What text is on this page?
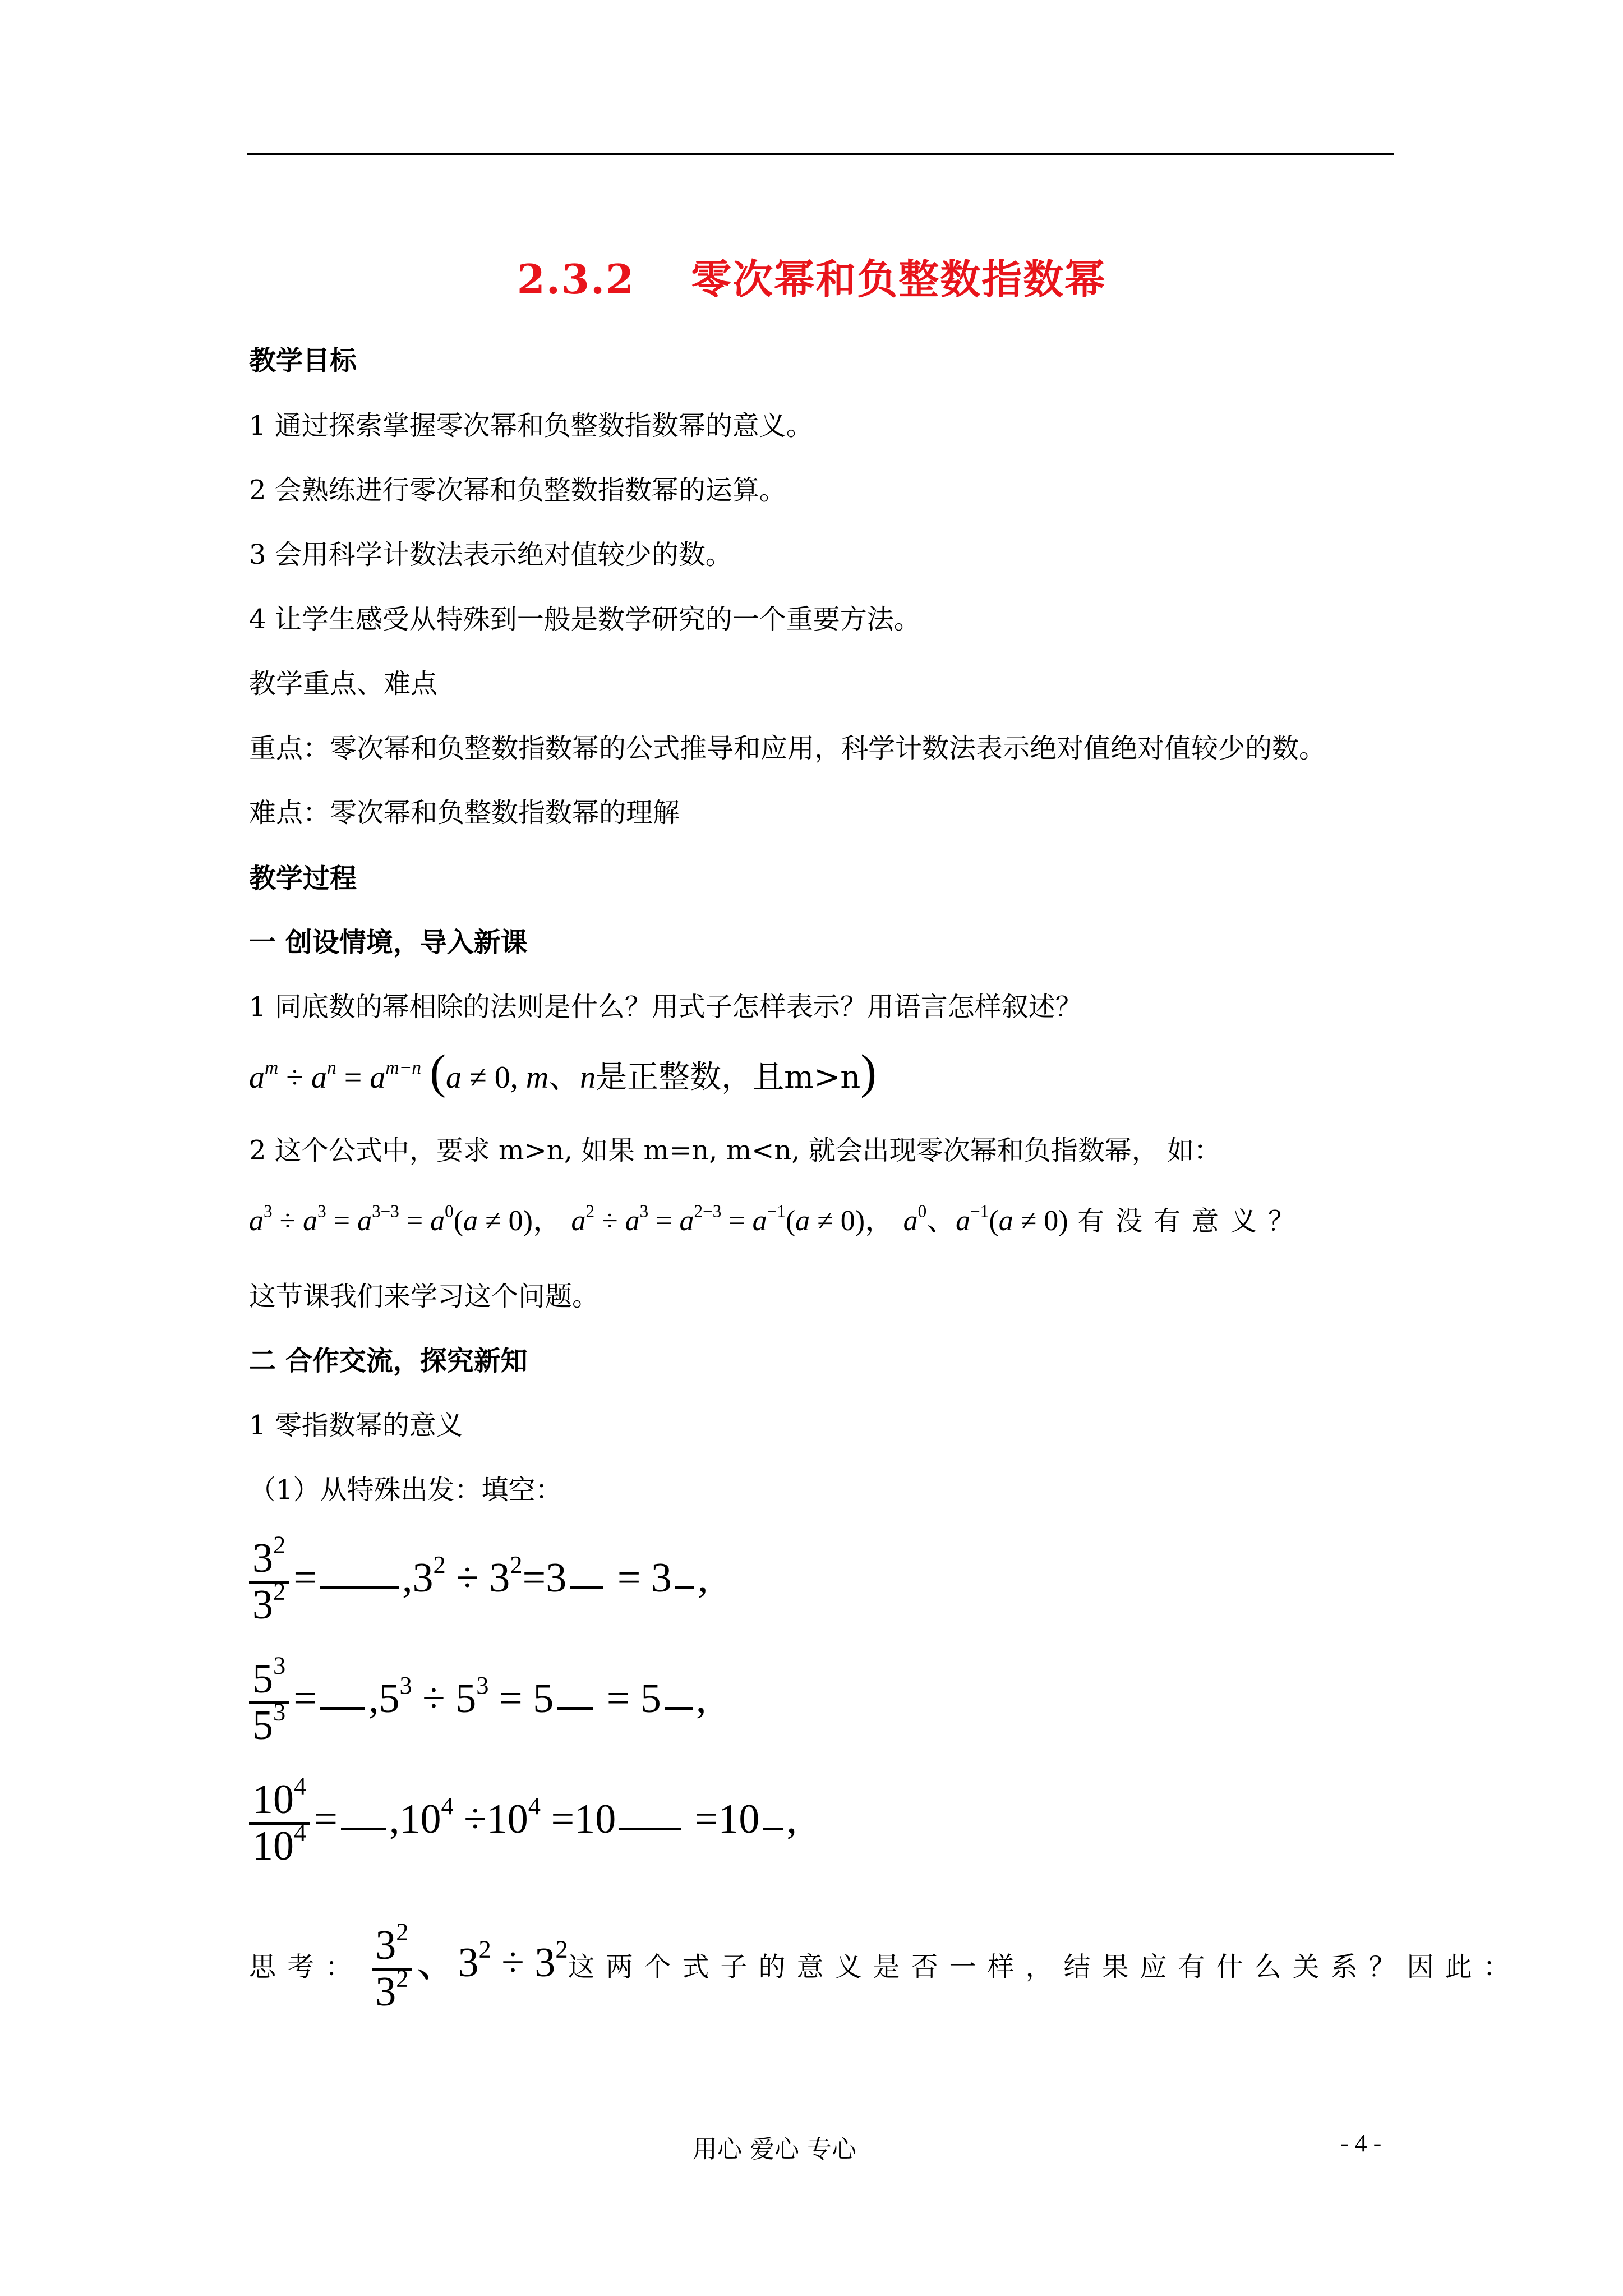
2.3.2 零次幂和负整数指数幂
教学目标
1 通过探索掌握零次幂和负整数指数幂的意义。
2 会熟练进行零次幂和负整数指数幂的运算。
3 会用科学计数法表示绝对值较少的数。
4 让学生感受从特殊到一般是数学研究的一个重要方法。
教学重点、难点
重点：零次幂和负整数指数幂的公式推导和应用，科学计数法表示绝对值绝对值较少的数。
难点：零次幂和负整数指数幂的理解
教学过程
一 创设情境，导入新课
1 同底数的幂相除的法则是什么？用式子怎样表示？用语言怎样叙述？
$a^m \div a^n = a^{m-n}$ (a ≠ 0, m、n是正整数，且m>n)
2 这个公式中，要求 m>n, 如果 m=n, m<n, 就会出现零次幂和负指数幂， 如：
$a^3 \div a^3 = a^{3-3} = a^0(a \ne 0)$， $a^2 \div a^3 = a^{2-3} = a^{-1}(a \ne 0)$， $a^0$、$a^{-1}(a \ne 0)$ 有没有意义？
这节课我们来学习这个问题。
二 合作交流，探究新知
1 零指数幂的意义
（1）从特殊出发：填空：
$\frac{3^2}{3^2} = ,3^2 \div 3^2=3 = 3$ ,
$\frac{5^3}{5^3} = ,5^3 \div 5^3 = 5 = 5$ ,
$\frac{10^4}{10^4} = ,10^4 \div 10^4 =10 =10$ ,
思考： $\frac{3^2}{3^2}$ 、$3^2 \div 3^2$这两个式子的意义是否一样，结果应有什么关系？因此：
用心 爱心 专心	- 4 -
